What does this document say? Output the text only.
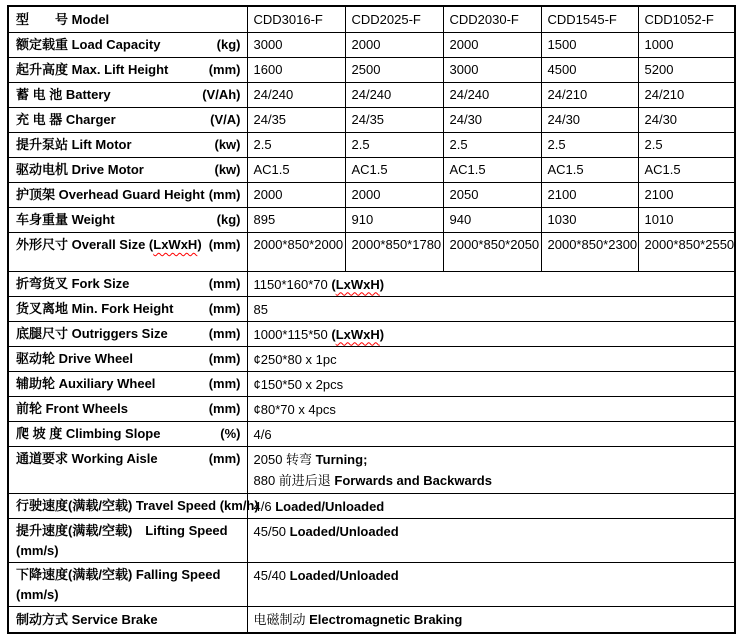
型　　号 Model	CDD3016-F	CDD2025-F	CDD2030-F	CDD1545-F	CDD1052-F

额定载重 Load Capacity (kg)	3000	2000	2000	1500	1000

起升高度 Max. Lift Height (mm)	1600	2500	3000	4500	5200

蓄 电 池 Battery (V/Ah)	24/240	24/240	24/240	24/210	24/210

充 电 器 Charger (V/A)	24/35	24/35	24/30	24/30	24/30

提升泵站 Lift Motor (kw)	2.5	2.5	2.5	2.5	2.5

驱动电机 Drive Motor (kw)	AC1.5	AC1.5	AC1.5	AC1.5	AC1.5

护顶架 Overhead Guard Height (mm)	2000	2000	2050	2100	2100

车身重量 Weight (kg)	895	910	940	1030	1010

外形尺寸 Overall Size (LxWxH) (mm)	2000*850*2000	2000*850*1780	2000*850*2050	2000*850*2300	2000*850*2550

折弯货叉 Fork Size (mm)	1150*160*70 (LxWxH)				

货叉离地 Min. Fork Height (mm)	85				

底腿尺寸 Outriggers Size (mm)	1000*115*50 (LxWxH)				

驱动轮 Drive Wheel (mm)	¢250*80 x 1pc				

辅助轮 Auxiliary Wheel (mm)	¢150*50 x 2pcs				

前轮 Front Wheels (mm)	¢80*70 x 4pcs				

爬 坡 度 Climbing Slope (%)	4/6				

通道要求 Working Aisle	(mm)	2050 转弯 Turning;
880 前进后退 Forwards and Backwards

行驶速度(满载/空载) Travel Speed (km/h)	4/6 Loaded/Unloaded				

提升速度(满载/空载)　Lifting Speed
(mm/s)	45/50 Loaded/Unloaded				

下降速度(满载/空载) Falling Speed
(mm/s)	45/40 Loaded/Unloaded				

制动方式 Service Brake	电磁制动 Electromagnetic Braking				
